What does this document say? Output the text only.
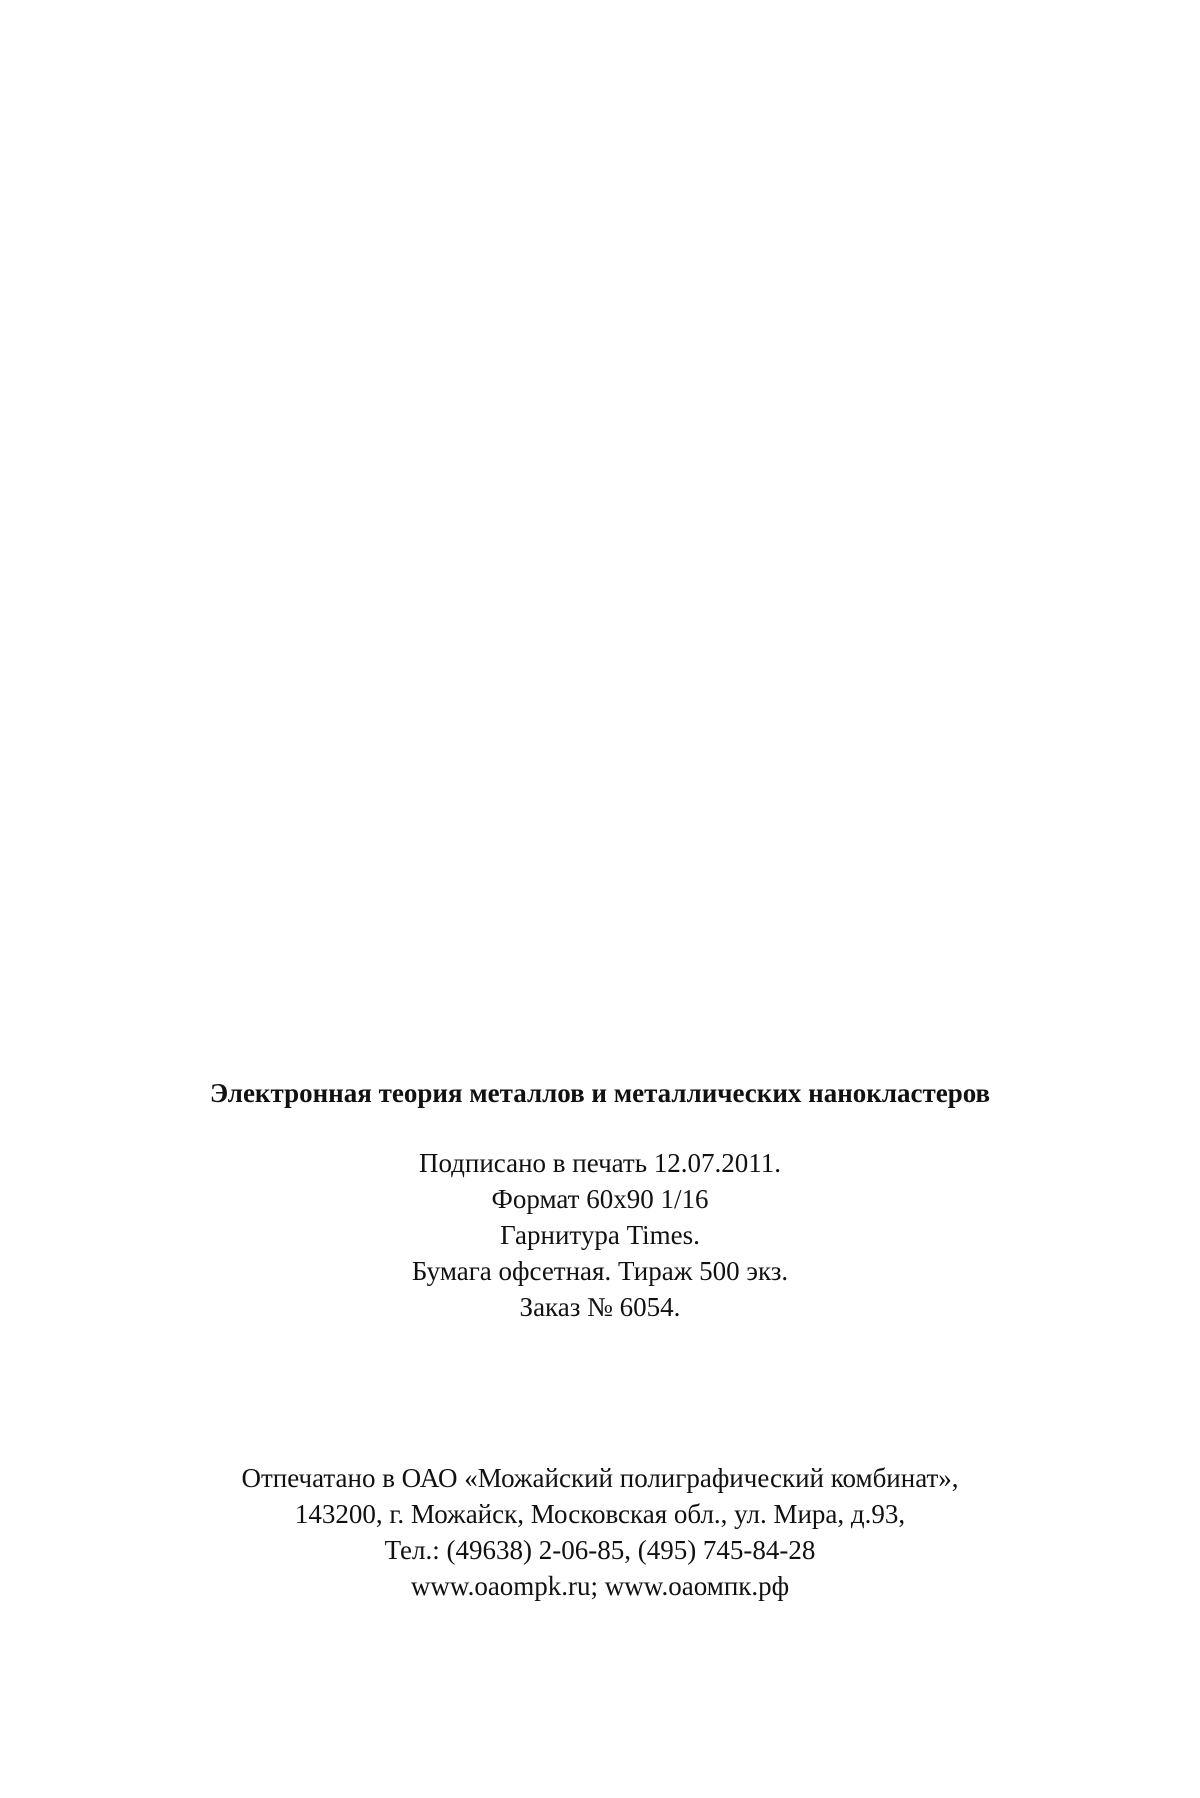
Электронная теория металлов и металлических нанокластеров
Подписано в печать 12.07.2011.
Формат 60x90 1/16
Гарнитура Times.
Бумага офсетная. Тираж 500 экз.
Заказ № 6054.
Отпечатано в ОАО «Можайский полиграфический комбинат»,
143200, г. Можайск, Московская обл., ул. Мира, д.93,
Тел.: (49638) 2-06-85, (495) 745-84-28
www.oaompk.ru; www.оаомпк.рф
